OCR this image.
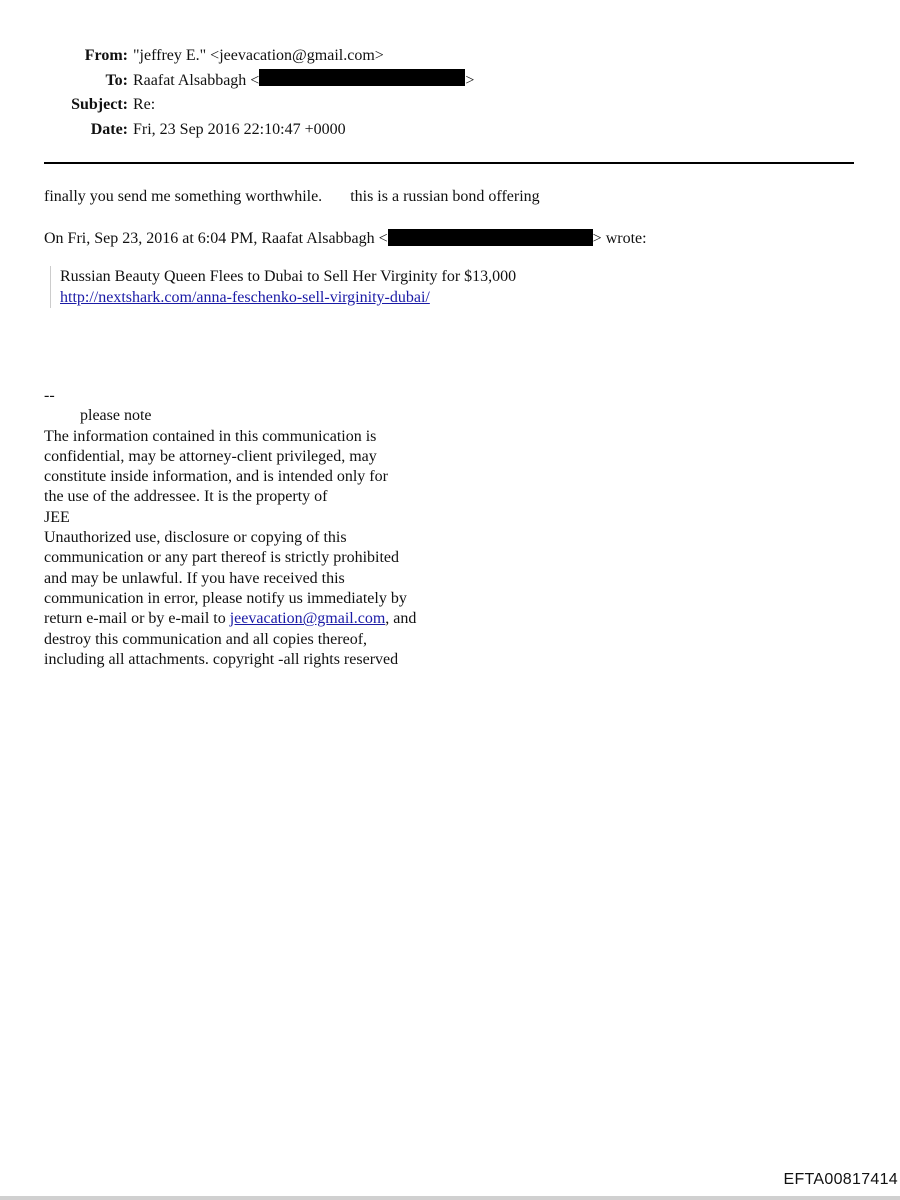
From: "jeffrey E." <jeevacation@gmail.com>
To: Raafat Alsabbagh <	>
Subject: Re:
Date: Fri, 23 Sep 2016 22:10:47 +0000
finally you send me something worthwhile. this is a russian bond offering
On Fri, Sep 23, 2016 at 6:04 PM, Raafat Alsabbagh <	> wrote:
Russian Beauty Queen Flees to Dubai to Sell Her Virginity for $13,000
http://nextshark.com/anna-feschenko-sell-virginity-dubai/
--
please note
The information contained in this communication is
confidential, may be attorney-client privileged, may
constitute inside information, and is intended only for
the use of the addressee. It is the property of
JEE
Unauthorized use, disclosure or copying of this
communication or any part thereof is strictly prohibited
and may be unlawful. If you have received this
communication in error, please notify us immediately by
return e-mail or by e-mail to jeevacation@gmail.com, and
destroy this communication and all copies thereof,
including all attachments. copyright -all rights reserved
EFTA00817414
